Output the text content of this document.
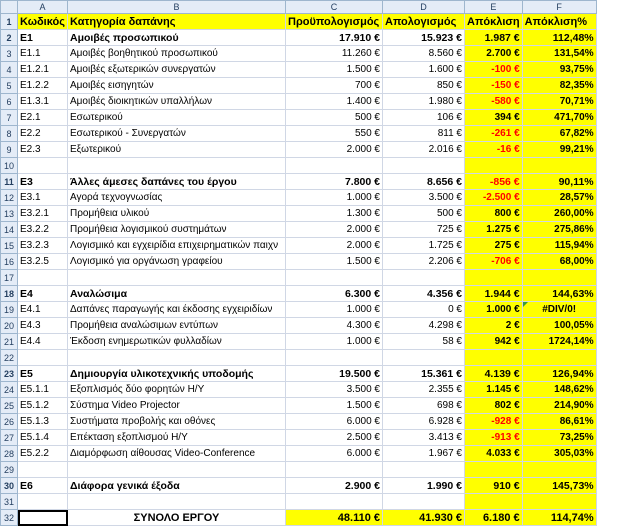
	A	B	C	D	E	F
1	Κωδικός	Κατηγορία δαπάνης	Προϋπολογισμός	Απολογισμός	Απόκλιση	Απόκλιση%
2	E1	Αμοιβές προσωπικού	17.910 €	15.923 €	1.987 €	112,48%
3	E1.1	Αμοιβές βοηθητικού προσωπικού	11.260 €	8.560 €	2.700 €	131,54%
4	E1.2.1	Αμοιβές εξωτερικών συνεργατών	1.500 €	1.600 €	-100 €	93,75%
5	E1.2.2	Αμοιβές εισηγητών	700 €	850 €	-150 €	82,35%
6	E1.3.1	Αμοιβές διοικητικών υπαλλήλων	1.400 €	1.980 €	-580 €	70,71%
7	E2.1	Εσωτερικού	500 €	106 €	394 €	471,70%
8	E2.2	Εσωτερικού - Συνεργατών	550 €	811 €	-261 €	67,82%
9	E2.3	Εξωτερικού	2.000 €	2.016 €	-16 €	99,21%
10						
11	E3	Άλλες άμεσες δαπάνες του έργου	7.800 €	8.656 €	-856 €	90,11%
12	E3.1	Αγορά τεχνογνωσίας	1.000 €	3.500 €	-2.500 €	28,57%
13	E3.2.1	Προμήθεια υλικού	1.300 €	500 €	800 €	260,00%
14	E3.2.2	Προμήθεια λογισμικού συστημάτων	2.000 €	725 €	1.275 €	275,86%
15	E3.2.3	Λογισμικό και εγχειρίδια επιχειρηματικών παιχν	2.000 €	1.725 €	275 €	115,94%
16	E3.2.5	Λογισμικό για οργάνωση γραφείου	1.500 €	2.206 €	-706 €	68,00%
17						
18	E4	Αναλώσιμα	6.300 €	4.356 €	1.944 €	144,63%
19	E4.1	Δαπάνες παραγωγής και έκδοσης εγχειριδίων	1.000 €	0 €	1.000 €	#DIV/0!
20	E4.3	Προμήθεια αναλώσιμων εντύπων	4.300 €	4.298 €	2 €	100,05%
21	E4.4	Έκδοση ενημερωτικών φυλλαδίων	1.000 €	58 €	942 €	1724,14%
22						
23	E5	Δημιουργία υλικοτεχνικής υποδομής	19.500 €	15.361 €	4.139 €	126,94%
24	E5.1.1	Εξοπλισμός δύο φορητών Η/Υ	3.500 €	2.355 €	1.145 €	148,62%
25	E5.1.2	Σύστημα Video Projector	1.500 €	698 €	802 €	214,90%
26	E5.1.3	Συστήματα προβολής και οθόνες	6.000 €	6.928 €	-928 €	86,61%
27	E5.1.4	Επέκταση εξοπλισμού Η/Υ	2.500 €	3.413 €	-913 €	73,25%
28	E5.2.2	Διαμόρφωση αίθουσας Video-Conference	6.000 €	1.967 €	4.033 €	305,03%
29						
30	E6	Διάφορα γενικά έξοδα	2.900 €	1.990 €	910 €	145,73%
31						
32		ΣΥΝΟΛΟ ΕΡΓΟΥ	48.110 €	41.930 €	6.180 €	114,74%
